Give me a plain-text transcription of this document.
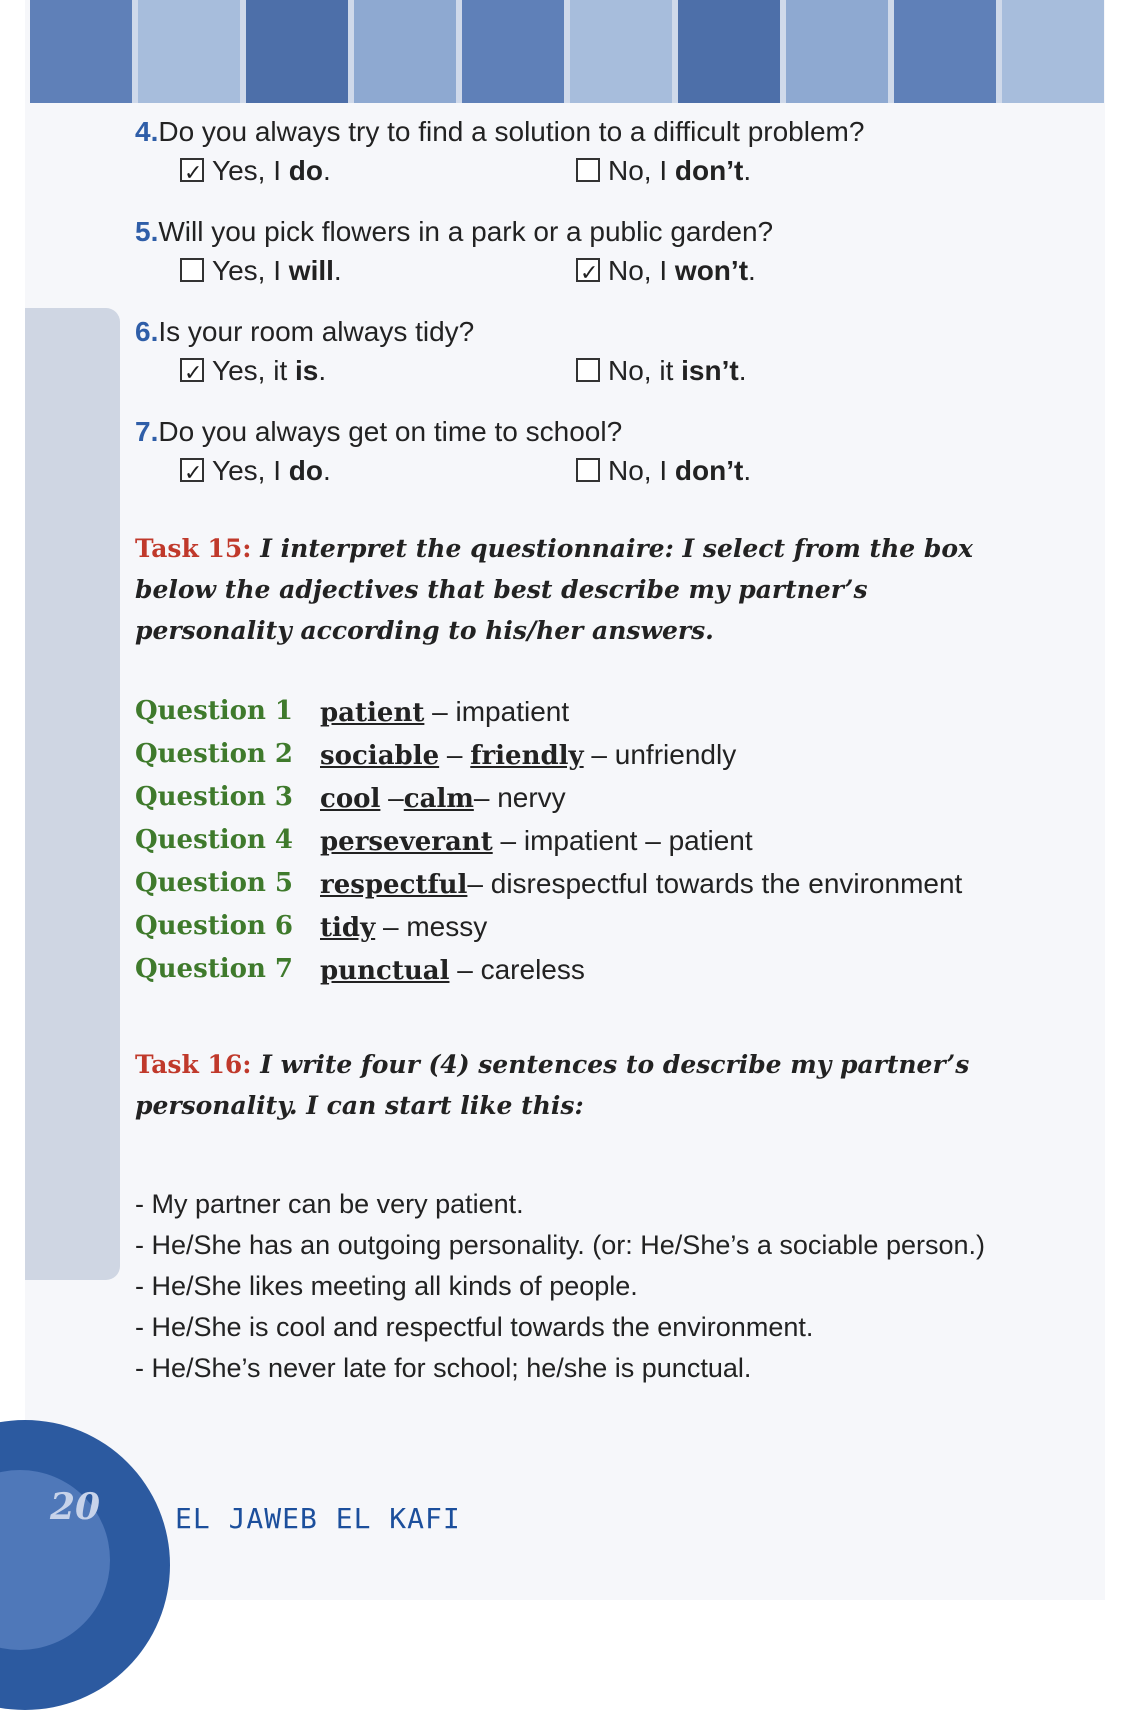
4.Do you always try to find a solution to a difficult problem?
✓Yes, I do.	No, I don’t.
5.Will you pick flowers in a park or a public garden?
Yes, I will. ✓	No, I won’t.
6.Is your room always tidy?
✓Yes, it is.	No, it isn’t.
7.Do you always get on time to school?
✓Yes, I do.	No, I don’t.
Task 15: I interpret the questionnaire: I select from the box below the adjectives that best describe my partner’s personality according to his/her answers.
Question 1	patient – impatient
Question 2	sociable – friendly – unfriendly
Question 3	cool –calm– nervy
Question 4	perseverant – impatient – patient
Question 5	respectful– disrespectful towards the environment
Question 6	tidy – messy
Question 7	punctual – careless
Task 16: I write four (4) sentences to describe my partner’s personality. I can start like this:
- My partner can be very patient.
- He/She has an outgoing personality. (or: He/She’s a sociable person.)
- He/She likes meeting all kinds of people.
- He/She is cool and respectful towards the environment.
- He/She’s never late for school; he/she is punctual.
20	EL JAWEB EL KAFI
